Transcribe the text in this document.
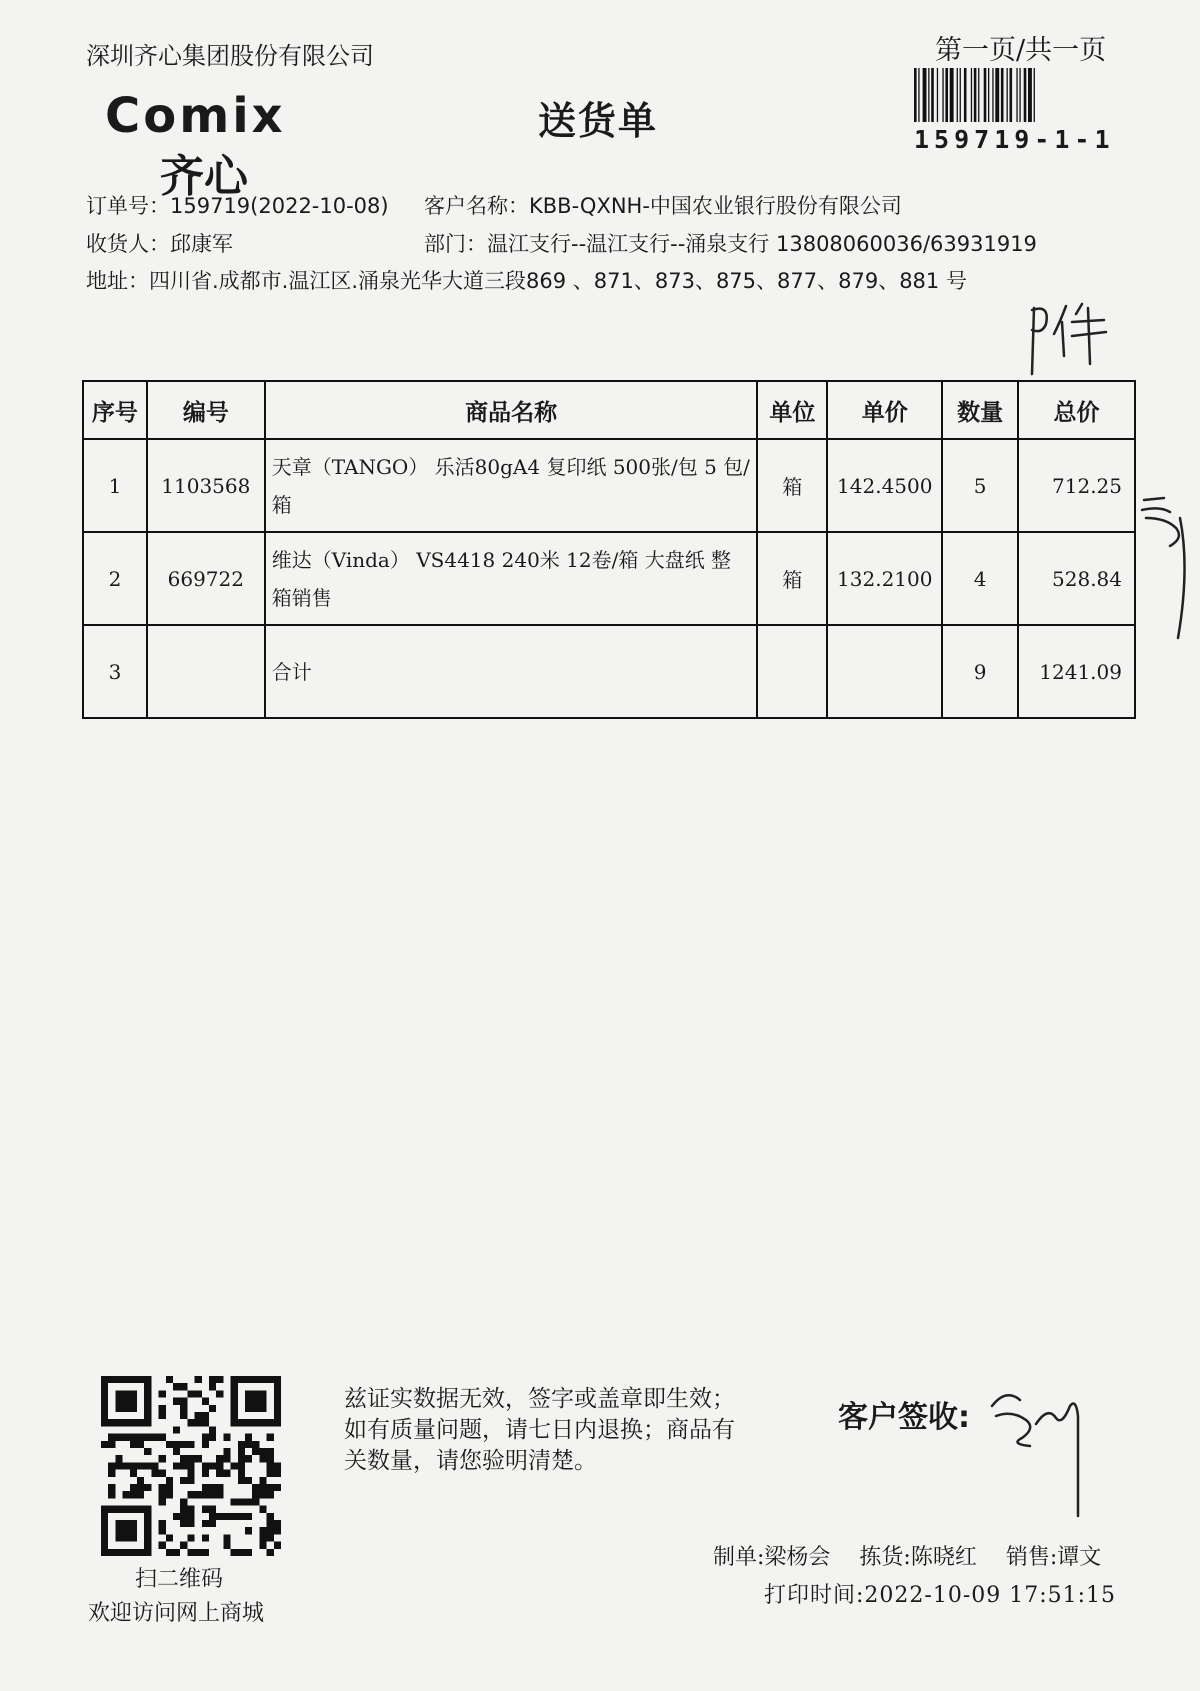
深圳齐心集团股份有限公司	第一页/共一页
Comix
齐心
送货单	159719-1-1
订单号：159719(2022-10-08) 客户名称：KBB-QXNH-中国农业银行股份有限公司
收货人：邱康军	部门：温江支行--温江支行--涌泉支行 13808060036/63931919
地址：四川省.成都市.温江区.涌泉光华大道三段869 、871、873、875、877、879、881 号
序号	编号	商品名称	单位	单价	数量	总价
1	1103568	天章（TANGO） 乐活80gA4 复印纸 500张/包 5 包/箱	箱	142.4500	5	712.25
2	669722	维达（Vinda） VS4418 240米 12卷/箱 大盘纸 整箱销售	箱	132.2100	4	528.84
3		合计			9	1241.09
扫二维码
欢迎访问网上商城
兹证实数据无效，签字或盖章即生效；如有质量问题，请七日内退换；商品有关数量，请您验明清楚。
客户签收:
制单:梁杨会 拣货:陈晓红 销售:谭文
打印时间:2022-10-09 17:51:15
